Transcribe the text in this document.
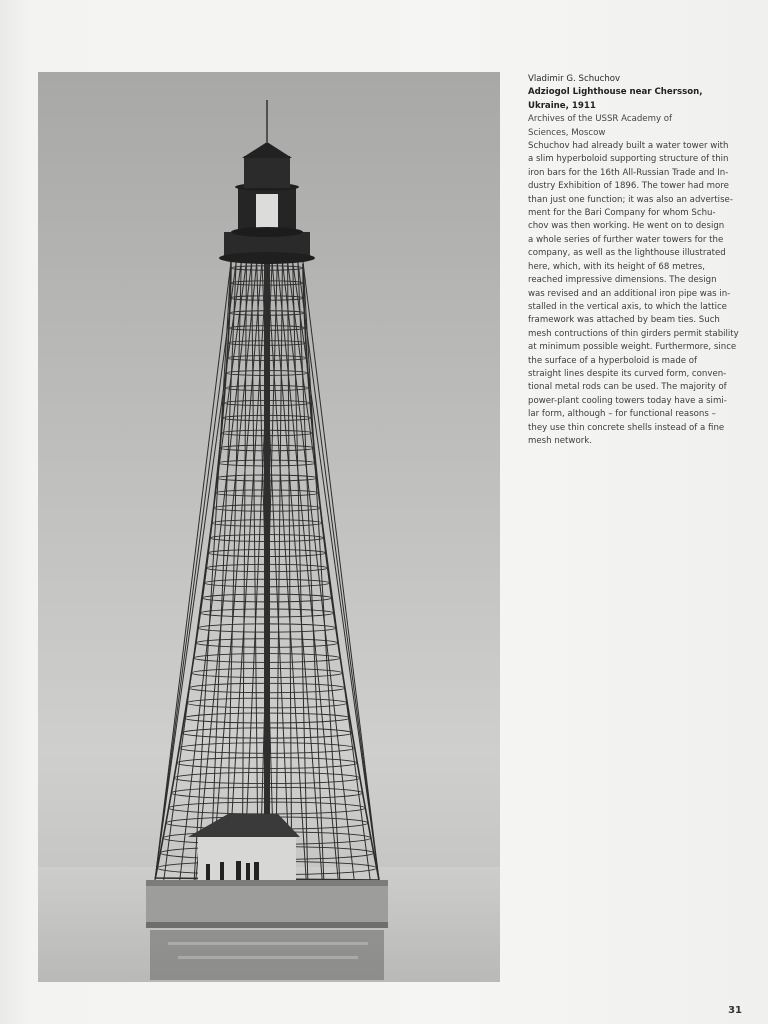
Vladimir G. Schuchov
Adziogol Lighthouse near Chersson,
Ukraine, 1911
Archives of the USSR Academy of
Sciences, Moscow
Schuchov had already built a water tower with
a slim hyperboloid supporting structure of thin
iron bars for the 16th All-Russian Trade and In-
dustry Exhibition of 1896. The tower had more
than just one function; it was also an advertise-
ment for the Bari Company for whom Schu-
chov was then working. He went on to design
a whole series of further water towers for the
company, as well as the lighthouse illustrated
here, which, with its height of 68 metres,
reached impressive dimensions. The design
was revised and an additional iron pipe was in-
stalled in the vertical axis, to which the lattice
framework was attached by beam ties. Such
mesh contructions of thin girders permit stability
at minimum possible weight. Furthermore, since
the surface of a hyperboloid is made of
straight lines despite its curved form, conven-
tional metal rods can be used. The majority of
power-plant cooling towers today have a simi-
lar form, although – for functional reasons –
they use thin concrete shells instead of a fine
mesh network.
31
